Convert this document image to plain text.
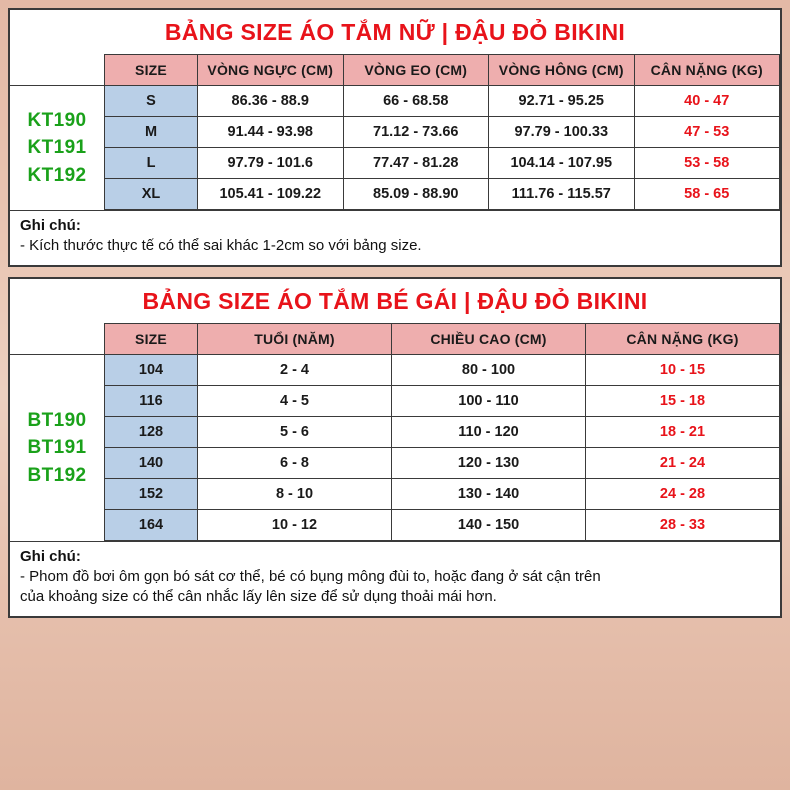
BẢNG SIZE ÁO TẮM NỮ | ĐẬU ĐỎ BIKINI
	SIZE	VÒNG NGỰC (CM)	VÒNG EO (CM)	VÒNG HÔNG (CM)	CÂN NẶNG (KG)

KT190
KT191
KT192	S	86.36 - 88.9	66 - 68.58	92.71 - 95.25	40 - 47
	M	91.44 - 93.98	71.12 - 73.66	97.79 - 100.33	47 - 53
	L	97.79 - 101.6	77.47 - 81.28	104.14 - 107.95	53 - 58
	XL	105.41 - 109.22	85.09 - 88.90	111.76 - 115.57	58 - 65
Ghi chú:
- Kích thước thực tế có thể sai khác 1-2cm so với bảng size.
BẢNG SIZE ÁO TẮM BÉ GÁI | ĐẬU ĐỎ BIKINI
	SIZE	TUỔI (NĂM)	CHIỀU CAO (CM)	CÂN NẶNG (KG)

BT190
BT191
BT192	104	2 - 4	80 - 100	10 - 15
	116	4 - 5	100 - 110	15 - 18
	128	5 - 6	110 - 120	18 - 21
	140	6 - 8	120 - 130	21 - 24
	152	8 - 10	130 - 140	24 - 28
	164	10 - 12	140 - 150	28 - 33
Ghi chú:
- Phom đồ bơi ôm gọn bó sát cơ thể, bé có bụng mông đùi to, hoặc đang ở sát cận trên
của khoảng size có thể cân nhắc lấy lên size để sử dụng thoải mái hơn.
